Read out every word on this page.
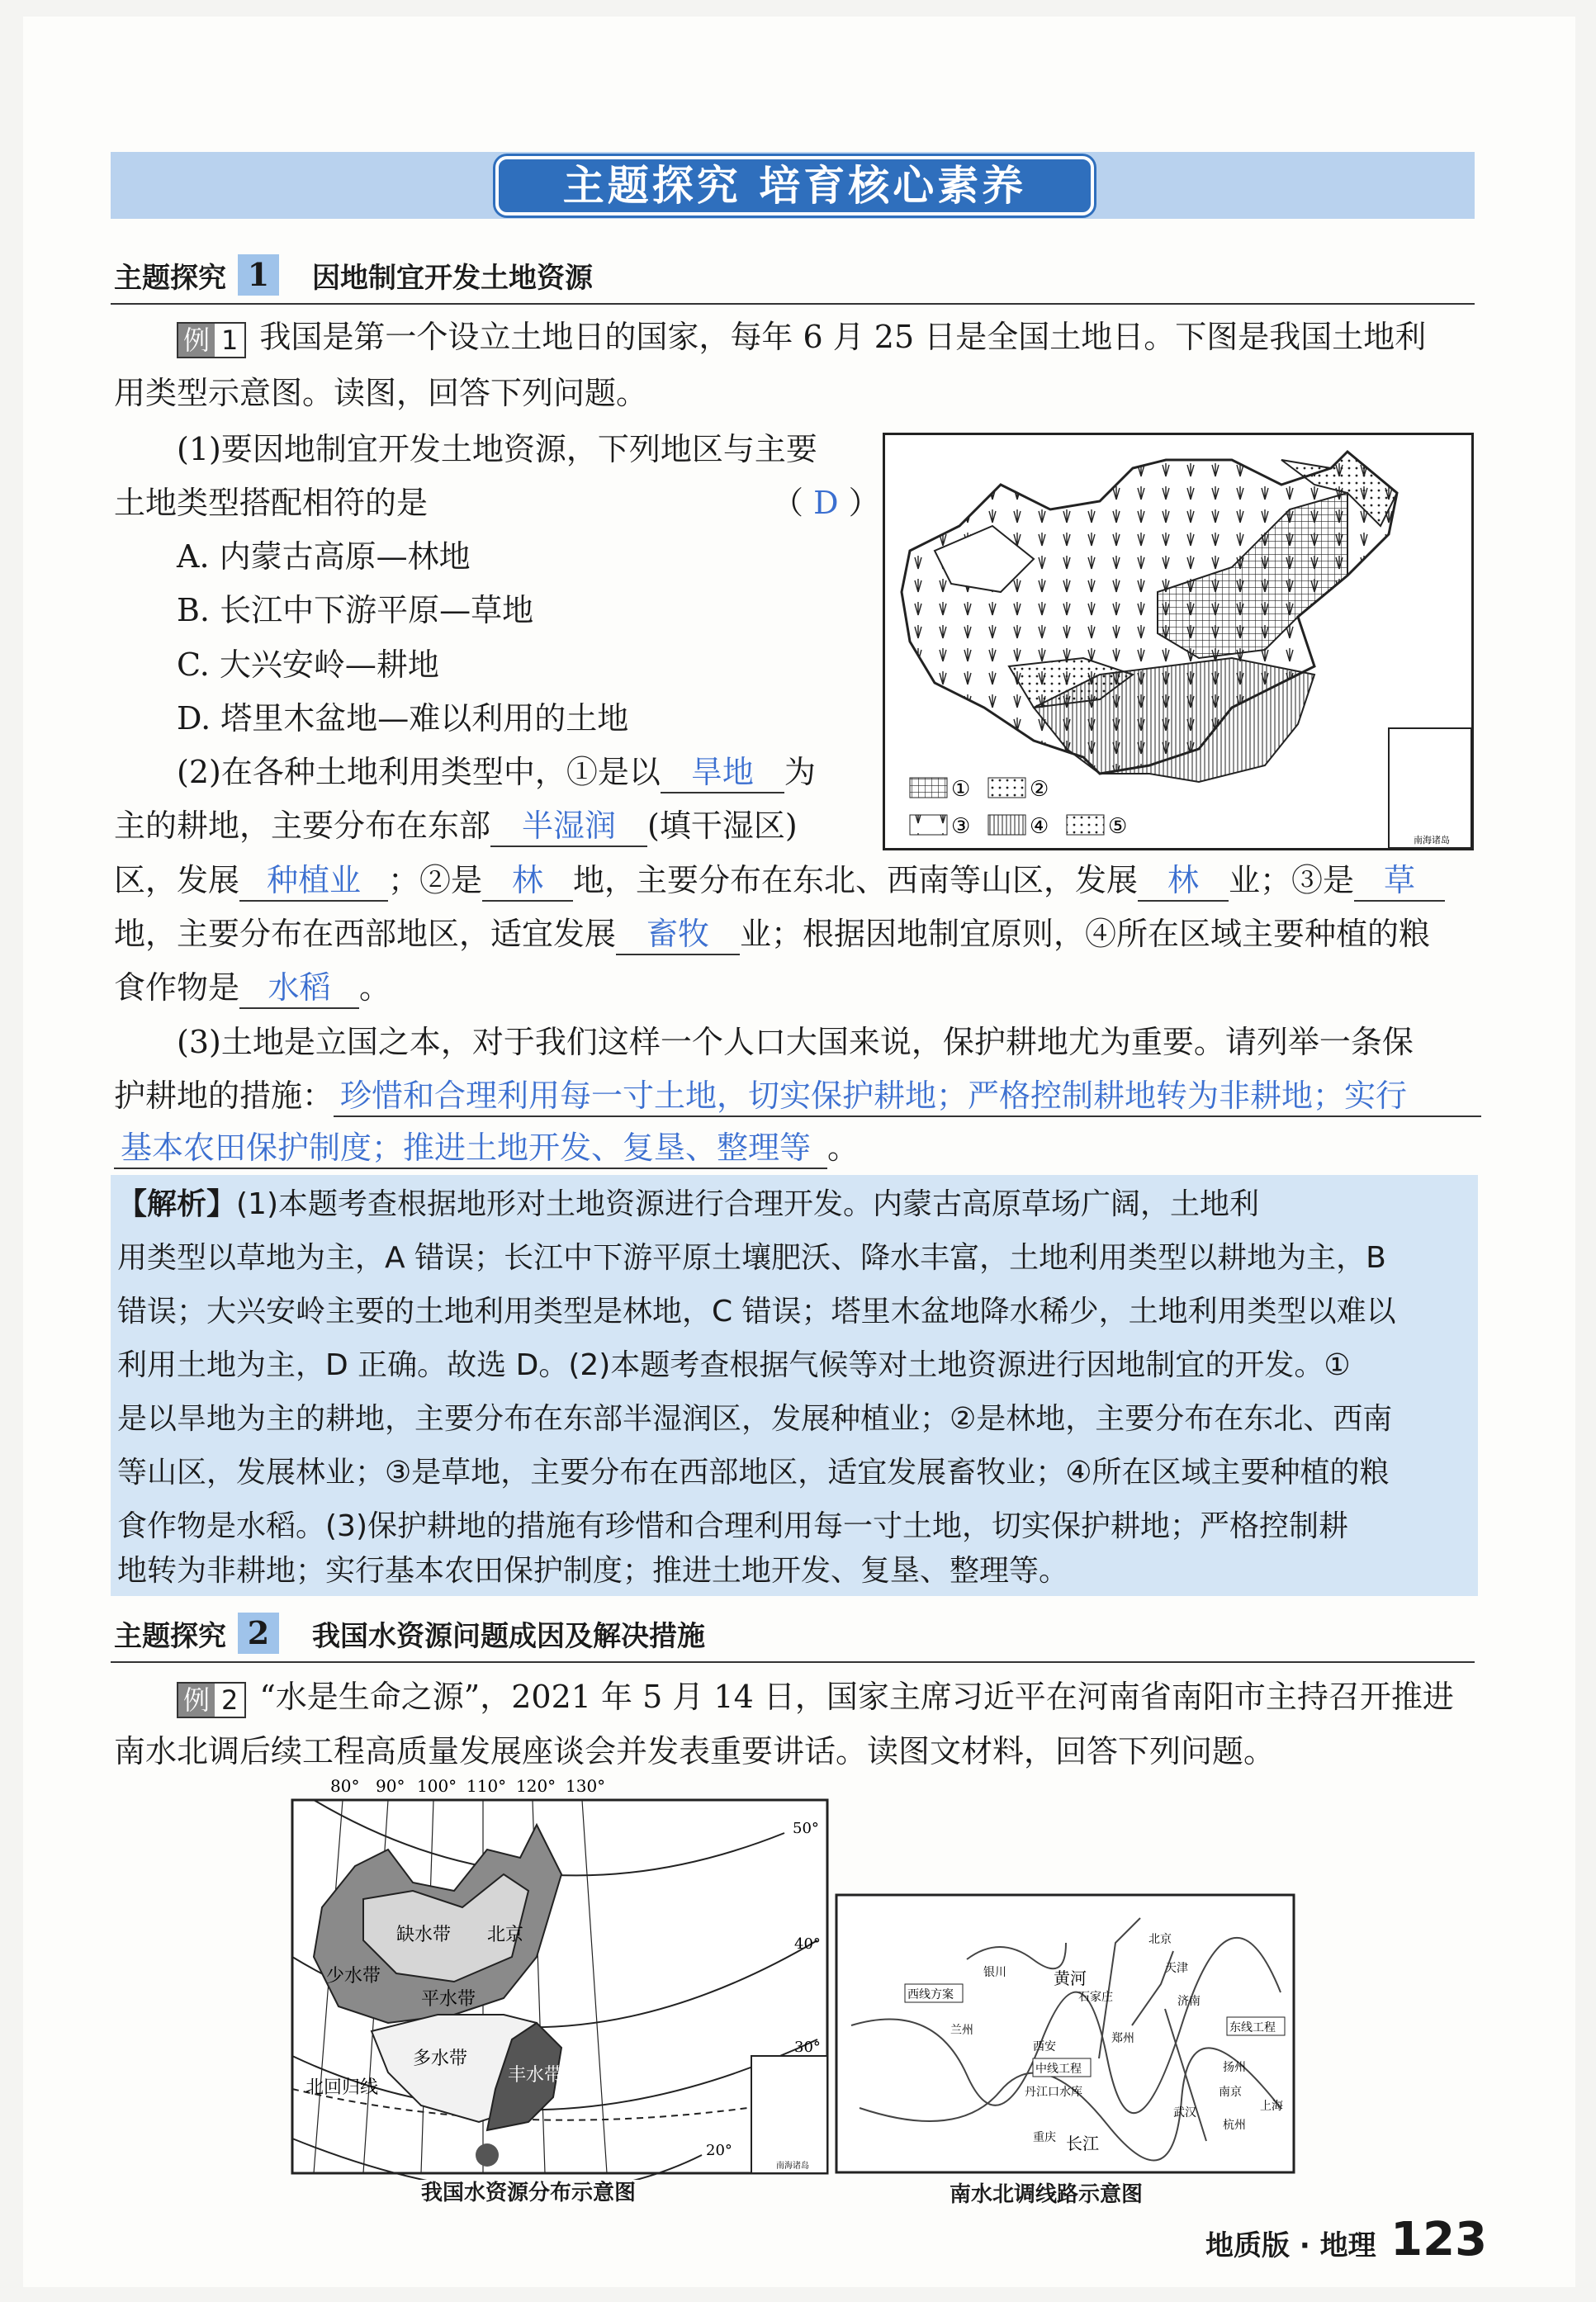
主题探究 培育核心素养
主题探究 1	因地制宜开发土地资源
例 1 我国是第一个设立土地日的国家，每年 6 月 25 日是全国土地日。下图是我国土地利
用类型示意图。读图，回答下列问题。
(1)要因地制宜开发土地资源，下列地区与主要
土地类型搭配相符的是	（ D ）
A. 内蒙古高原—林地
B. 长江中下游平原—草地
C. 大兴安岭—耕地
D. 塔里木盆地—难以利用的土地
(2)在各种土地利用类型中，①是以 旱地 为
主的耕地，主要分布在东部 半湿润 (填干湿区)
区，发展 种植业 ；②是 林 地，主要分布在东北、西南等山区，发展 林 业；③是 草
地，主要分布在西部地区，适宜发展 畜牧 业；根据因地制宜原则，④所在区域主要种植的粮
食作物是 水稻 。
(3)土地是立国之本，对于我们这样一个人口大国来说，保护耕地尤为重要。请列举一条保
护耕地的措施： 珍惜和合理利用每一寸土地，切实保护耕地；严格控制耕地转为非耕地；实行
基本农田保护制度；推进土地开发、复垦、整理等 。
①	②
③	④	⑤
南海诸岛
【解析】(1)本题考查根据地形对土地资源进行合理开发。内蒙古高原草场广阔，土地利
用类型以草地为主，A 错误；长江中下游平原土壤肥沃、降水丰富，土地利用类型以耕地为主，B
错误；大兴安岭主要的土地利用类型是林地，C 错误；塔里木盆地降水稀少，土地利用类型以难以
利用土地为主，D 正确。故选 D。(2)本题考查根据气候等对土地资源进行因地制宜的开发。①
是以旱地为主的耕地，主要分布在东部半湿润区，发展种植业；②是林地，主要分布在东北、西南
等山区，发展林业；③是草地，主要分布在西部地区，适宜发展畜牧业；④所在区域主要种植的粮
食作物是水稻。(3)保护耕地的措施有珍惜和合理利用每一寸土地，切实保护耕地；严格控制耕
地转为非耕地；实行基本农田保护制度；推进土地开发、复垦、整理等。
主题探究 2	我国水资源问题成因及解决措施
例 2 “水是生命之源”，2021 年 5 月 14 日，国家主席习近平在河南省南阳市主持召开推进
南水北调后续工程高质量发展座谈会并发表重要讲话。读图文材料，回答下列问题。
80° 90° 100° 110° 120° 130°
缺水带
少水带
平水带
多水带
丰水带
北京
北回归线
50°
40°
30°
20°
南海诸岛
我国水资源分布示意图
北京
天津
石家庄	济南
郑州
西安
兰州
银川
扬州
南京
上海
杭州
武汉
重庆
丹江口水库
黄河
长江
西线方案
中线工程
东线工程
南水北调线路示意图
地质版 · 地理 123
